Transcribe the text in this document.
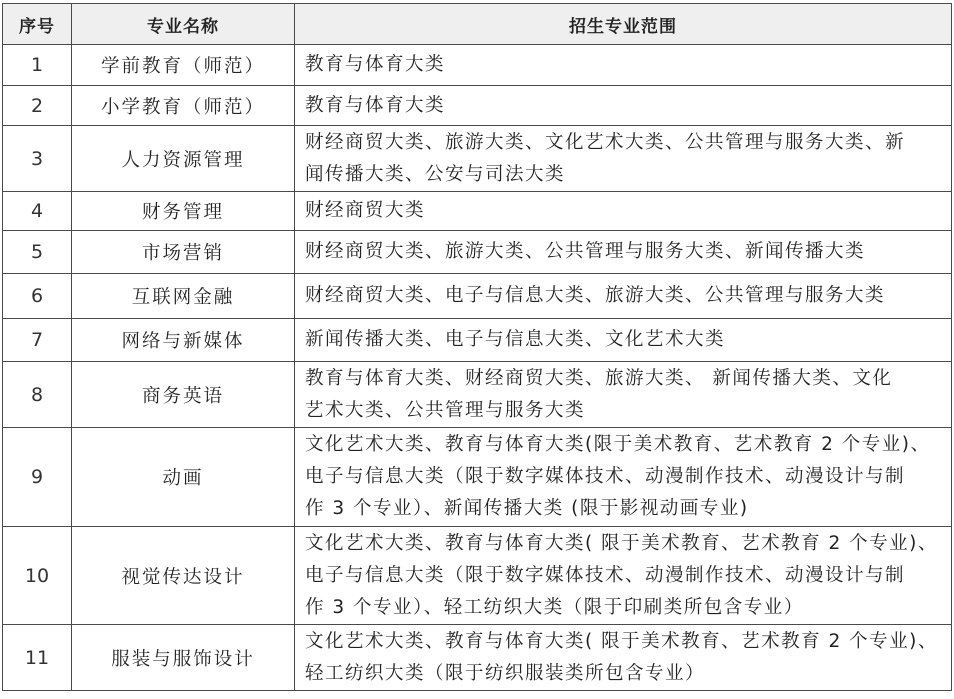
序号	专业名称	招生专业范围
1	学前教育（师范）	教育与体育大类
2	小学教育（师范）	教育与体育大类
3	人力资源管理	财经商贸大类、旅游大类、文化艺术大类、公共管理与服务大类、新
闻传播大类、公安与司法大类
4	财务管理	财经商贸大类
5	市场营销	财经商贸大类、旅游大类、公共管理与服务大类、新闻传播大类
6	互联网金融	财经商贸大类、电子与信息大类、旅游大类、公共管理与服务大类
7	网络与新媒体	新闻传播大类、电子与信息大类、文化艺术大类
8	商务英语	教育与体育大类、财经商贸大类、旅游大类、 新闻传播大类、文化
艺术大类、公共管理与服务大类
9	动画	文化艺术大类、教育与体育大类(限于美术教育、艺术教育 2 个专业)、
电子与信息大类（限于数字媒体技术、动漫制作技术、动漫设计与制
作 3 个专业）、新闻传播大类 (限于影视动画专业)
10	视觉传达设计	文化艺术大类、教育与体育大类( 限于美术教育、艺术教育 2 个专业)、
电子与信息大类（限于数字媒体技术、动漫制作技术、动漫设计与制
作 3 个专业）、轻工纺织大类（限于印刷类所包含专业）
11	服装与服饰设计	文化艺术大类、教育与体育大类( 限于美术教育、艺术教育 2 个专业)、
轻工纺织大类（限于纺织服装类所包含专业）
